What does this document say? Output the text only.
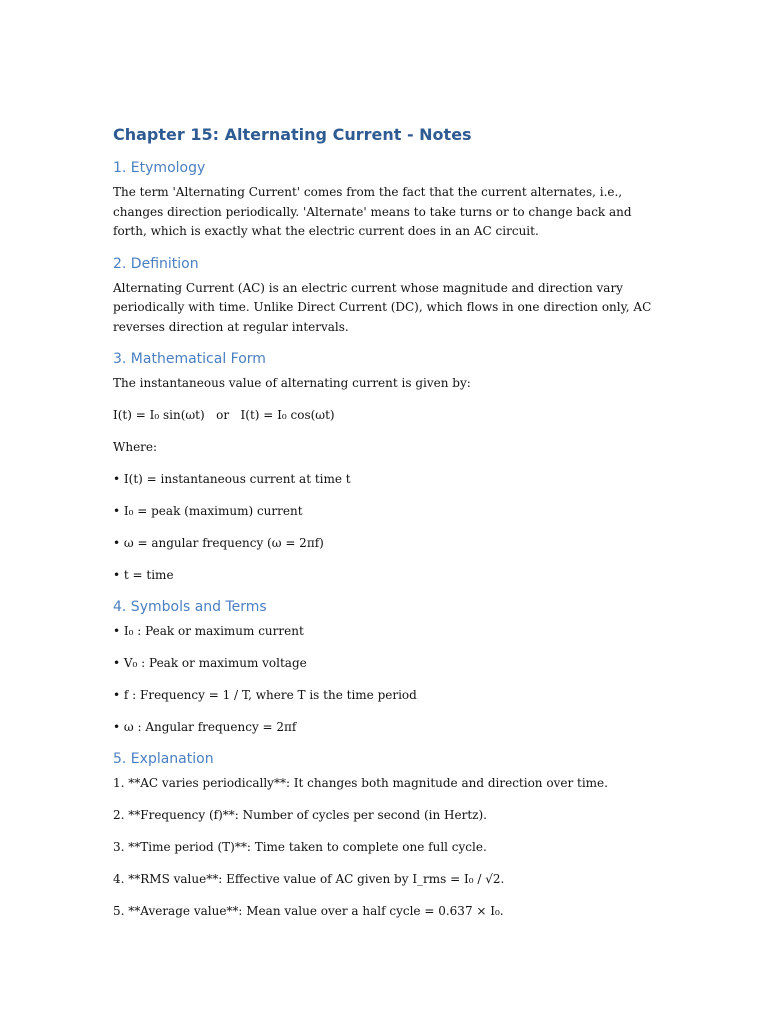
Chapter 15: Alternating Current - Notes
1. Etymology

The term 'Alternating Current' comes from the fact that the current alternates, i.e., changes direction periodically. 'Alternate' means to take turns or to change back and forth, which is exactly what the electric current does in an AC circuit.

2. Definition

Alternating Current (AC) is an electric current whose magnitude and direction vary periodically with time. Unlike Direct Current (DC), which flows in one direction only, AC reverses direction at regular intervals.

3. Mathematical Form

The instantaneous value of alternating current is given by:

I(t) = I₀ sin(ωt)   or   I(t) = I₀ cos(ωt)

Where:

• I(t) = instantaneous current at time t

• I₀ = peak (maximum) current

• ω = angular frequency (ω = 2πf)

• t = time

4. Symbols and Terms

• I₀ : Peak or maximum current

• V₀ : Peak or maximum voltage

• f : Frequency = 1 / T, where T is the time period

• ω : Angular frequency = 2πf

5. Explanation

1. **AC varies periodically**: It changes both magnitude and direction over time.

2. **Frequency (f)**: Number of cycles per second (in Hertz).

3. **Time period (T)**: Time taken to complete one full cycle.

4. **RMS value**: Effective value of AC given by I_rms = I₀ / √2.

5. **Average value**: Mean value over a half cycle = 0.637 × I₀.
